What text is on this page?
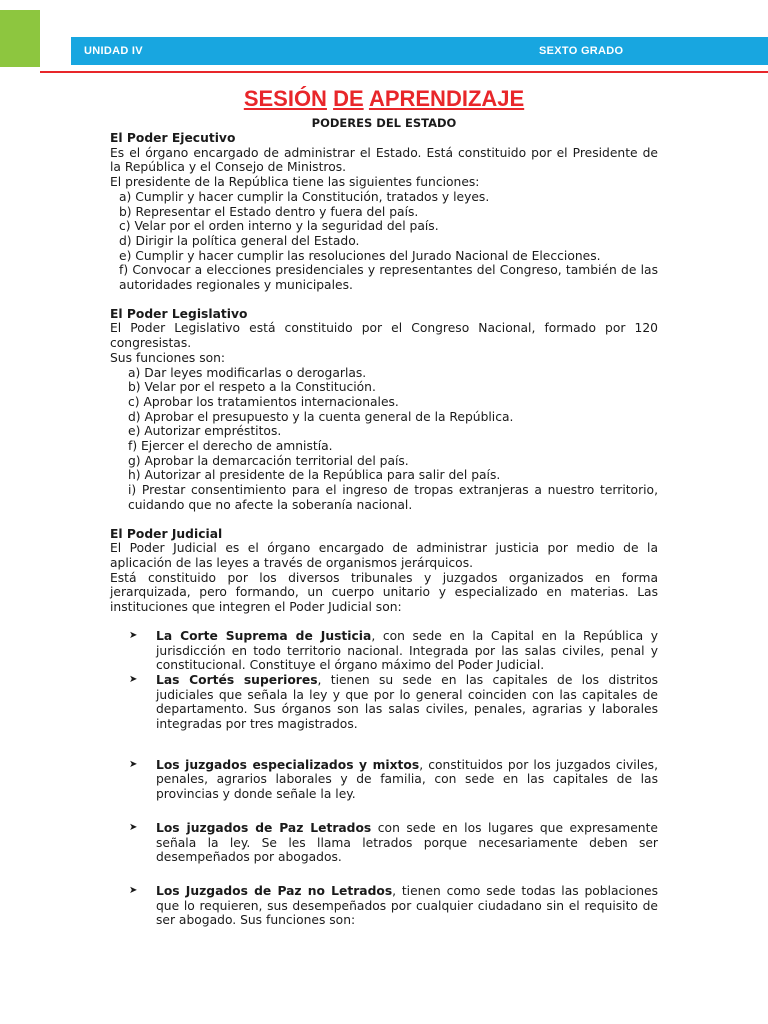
UNIDAD IV	SEXTO GRADO
SESIÓN DE APRENDIZAJE
PODERES DEL ESTADO

El Poder Ejecutivo

Es el órgano encargado de administrar el Estado. Está constituido por el Presidente de la República y el Consejo de Ministros.

El presidente de la República tiene las siguientes funciones:

a) Cumplir y hacer cumplir la Constitución, tratados y leyes.

b) Representar el Estado dentro y fuera del país.

c) Velar por el orden interno y la seguridad del país.

d) Dirigir la política general del Estado.

e) Cumplir y hacer cumplir las resoluciones del Jurado Nacional de Elecciones.

f) Convocar a elecciones presidenciales y representantes del Congreso, también de las autoridades regionales y municipales.

El Poder Legislativo

El Poder Legislativo está constituido por el Congreso Nacional, formado por 120 congresistas.

Sus funciones son:

a) Dar leyes modificarlas o derogarlas.

b) Velar por el respeto a la Constitución.

c) Aprobar los tratamientos internacionales.

d) Aprobar el presupuesto y la cuenta general de la República.

e) Autorizar empréstitos.

f) Ejercer el derecho de amnistía.

g) Aprobar la demarcación territorial del país.

h) Autorizar al presidente de la República para salir del país.

i) Prestar consentimiento para el ingreso de tropas extranjeras a nuestro territorio, cuidando que no afecte la soberanía nacional.

El Poder Judicial

El Poder Judicial es el órgano encargado de administrar justicia por medio de la aplicación de las leyes a través de organismos jerárquicos.

Está constituido por los diversos tribunales y juzgados organizados en forma jerarquizada, pero formando, un cuerpo unitario y especializado en materias. Las instituciones que integren el Poder Judicial son:

➤ La Corte Suprema de Justicia, con sede en la Capital en la República y jurisdicción en todo territorio nacional. Integrada por las salas civiles, penal y constitucional. Constituye el órgano máximo del Poder Judicial.

➤ Las Cortés superiores, tienen su sede en las capitales de los distritos judiciales que señala la ley y que por lo general coinciden con las capitales de departamento. Sus órganos son las salas civiles, penales, agrarias y laborales integradas por tres magistrados.

➤ Los juzgados especializados y mixtos, constituidos por los juzgados civiles, penales, agrarios laborales y de familia, con sede en las capitales de las provincias y donde señale la ley.

➤ Los juzgados de Paz Letrados con sede en los lugares que expresamente señala la ley. Se les llama letrados porque necesariamente deben ser desempeñados por abogados.

➤ Los Juzgados de Paz no Letrados, tienen como sede todas las poblaciones que lo requieren, sus desempeñados por cualquier ciudadano sin el requisito de ser abogado. Sus funciones son:
